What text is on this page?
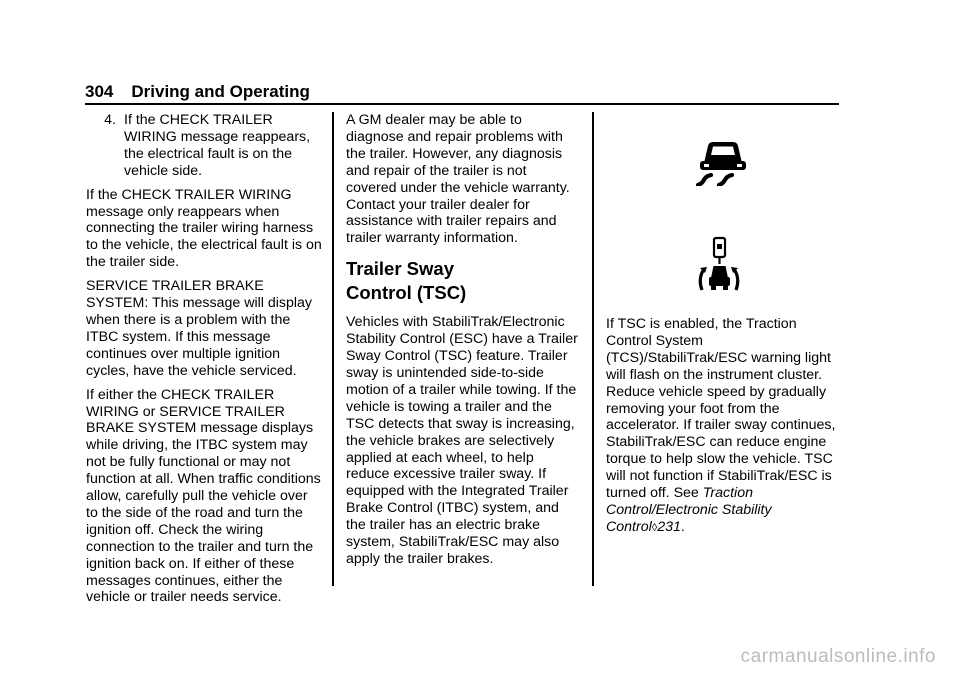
304 Driving and Operating
4. If the CHECK TRAILER WIRING message reappears, the electrical fault is on the vehicle side.

If the CHECK TRAILER WIRING message only reappears when connecting the trailer wiring harness to the vehicle, the electrical fault is on the trailer side.

SERVICE TRAILER BRAKE SYSTEM: This message will display when there is a problem with the ITBC system. If this message continues over multiple ignition cycles, have the vehicle serviced.

If either the CHECK TRAILER WIRING or SERVICE TRAILER BRAKE SYSTEM message displays while driving, the ITBC system may not be fully functional or may not function at all. When traffic conditions allow, carefully pull the vehicle over to the side of the road and turn the ignition off. Check the wiring connection to the trailer and turn the ignition back on. If either of these messages continues, either the vehicle or trailer needs service.

A GM dealer may be able to diagnose and repair problems with the trailer. However, any diagnosis and repair of the trailer is not covered under the vehicle warranty. Contact your trailer dealer for assistance with trailer repairs and trailer warranty information.

Trailer Sway
Control (TSC)

Vehicles with StabiliTrak/Electronic Stability Control (ESC) have a Trailer Sway Control (TSC) feature. Trailer sway is unintended side-to-side motion of a trailer while towing. If the vehicle is towing a trailer and the TSC detects that sway is increasing, the vehicle brakes are selectively applied at each wheel, to help reduce excessive trailer sway. If equipped with the Integrated Trailer Brake Control (ITBC) system, and the trailer has an electric brake system, StabiliTrak/ESC may also apply the trailer brakes.

If TSC is enabled, the Traction Control System (TCS)/StabiliTrak/ESC warning light will flash on the instrument cluster. Reduce vehicle speed by gradually removing your foot from the accelerator. If trailer sway continues, StabiliTrak/ESC can reduce engine torque to help slow the vehicle. TSC will not function if StabiliTrak/ESC is turned off. See Traction Control/Electronic Stability Control◊231.

carmanualsonline.info
